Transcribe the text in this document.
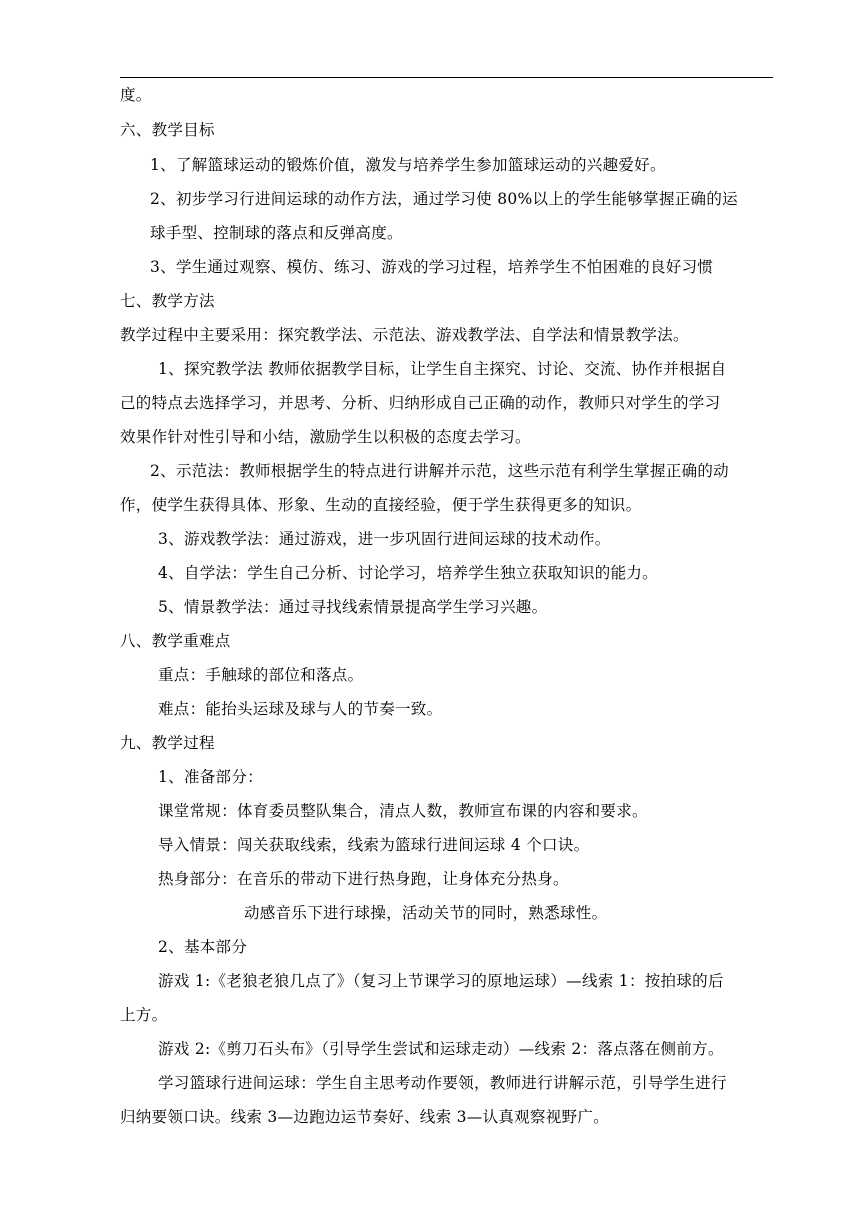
度。

六、教学目标

1、了解篮球运动的锻炼价值，激发与培养学生参加篮球运动的兴趣爱好。

2、初步学习行进间运球的动作方法，通过学习使 80%以上的学生能够掌握正确的运

球手型、控制球的落点和反弹高度。

3、学生通过观察、模仿、练习、游戏的学习过程，培养学生不怕困难的良好习惯

七、教学方法

教学过程中主要采用：探究教学法、示范法、游戏教学法、自学法和情景教学法。

1、探究教学法 教师依据教学目标，让学生自主探究、讨论、交流、协作并根据自

己的特点去选择学习，并思考、分析、归纳形成自己正确的动作，教师只对学生的学习

效果作针对性引导和小结，激励学生以积极的态度去学习。

2、示范法：教师根据学生的特点进行讲解并示范，这些示范有利学生掌握正确的动

作，使学生获得具体、形象、生动的直接经验，便于学生获得更多的知识。

3、游戏教学法：通过游戏，进一步巩固行进间运球的技术动作。

4、自学法：学生自己分析、讨论学习，培养学生独立获取知识的能力。

5、情景教学法：通过寻找线索情景提高学生学习兴趣。

八、教学重难点

重点：手触球的部位和落点。

难点：能抬头运球及球与人的节奏一致。

九、教学过程

1、准备部分：

课堂常规：体育委员整队集合，清点人数，教师宣布课的内容和要求。

导入情景：闯关获取线索，线索为篮球行进间运球 4 个口诀。

热身部分：在音乐的带动下进行热身跑，让身体充分热身。

动感音乐下进行球操，活动关节的同时，熟悉球性。

2、基本部分

游戏 1:《老狼老狼几点了》（复习上节课学习的原地运球）—线索 1：按拍球的后

上方。

游戏 2:《剪刀石头布》（引导学生尝试和运球走动）—线索 2：落点落在侧前方。

学习篮球行进间运球：学生自主思考动作要领，教师进行讲解示范，引导学生进行

归纳要领口诀。线索 3—边跑边运节奏好、线索 3—认真观察视野广。
